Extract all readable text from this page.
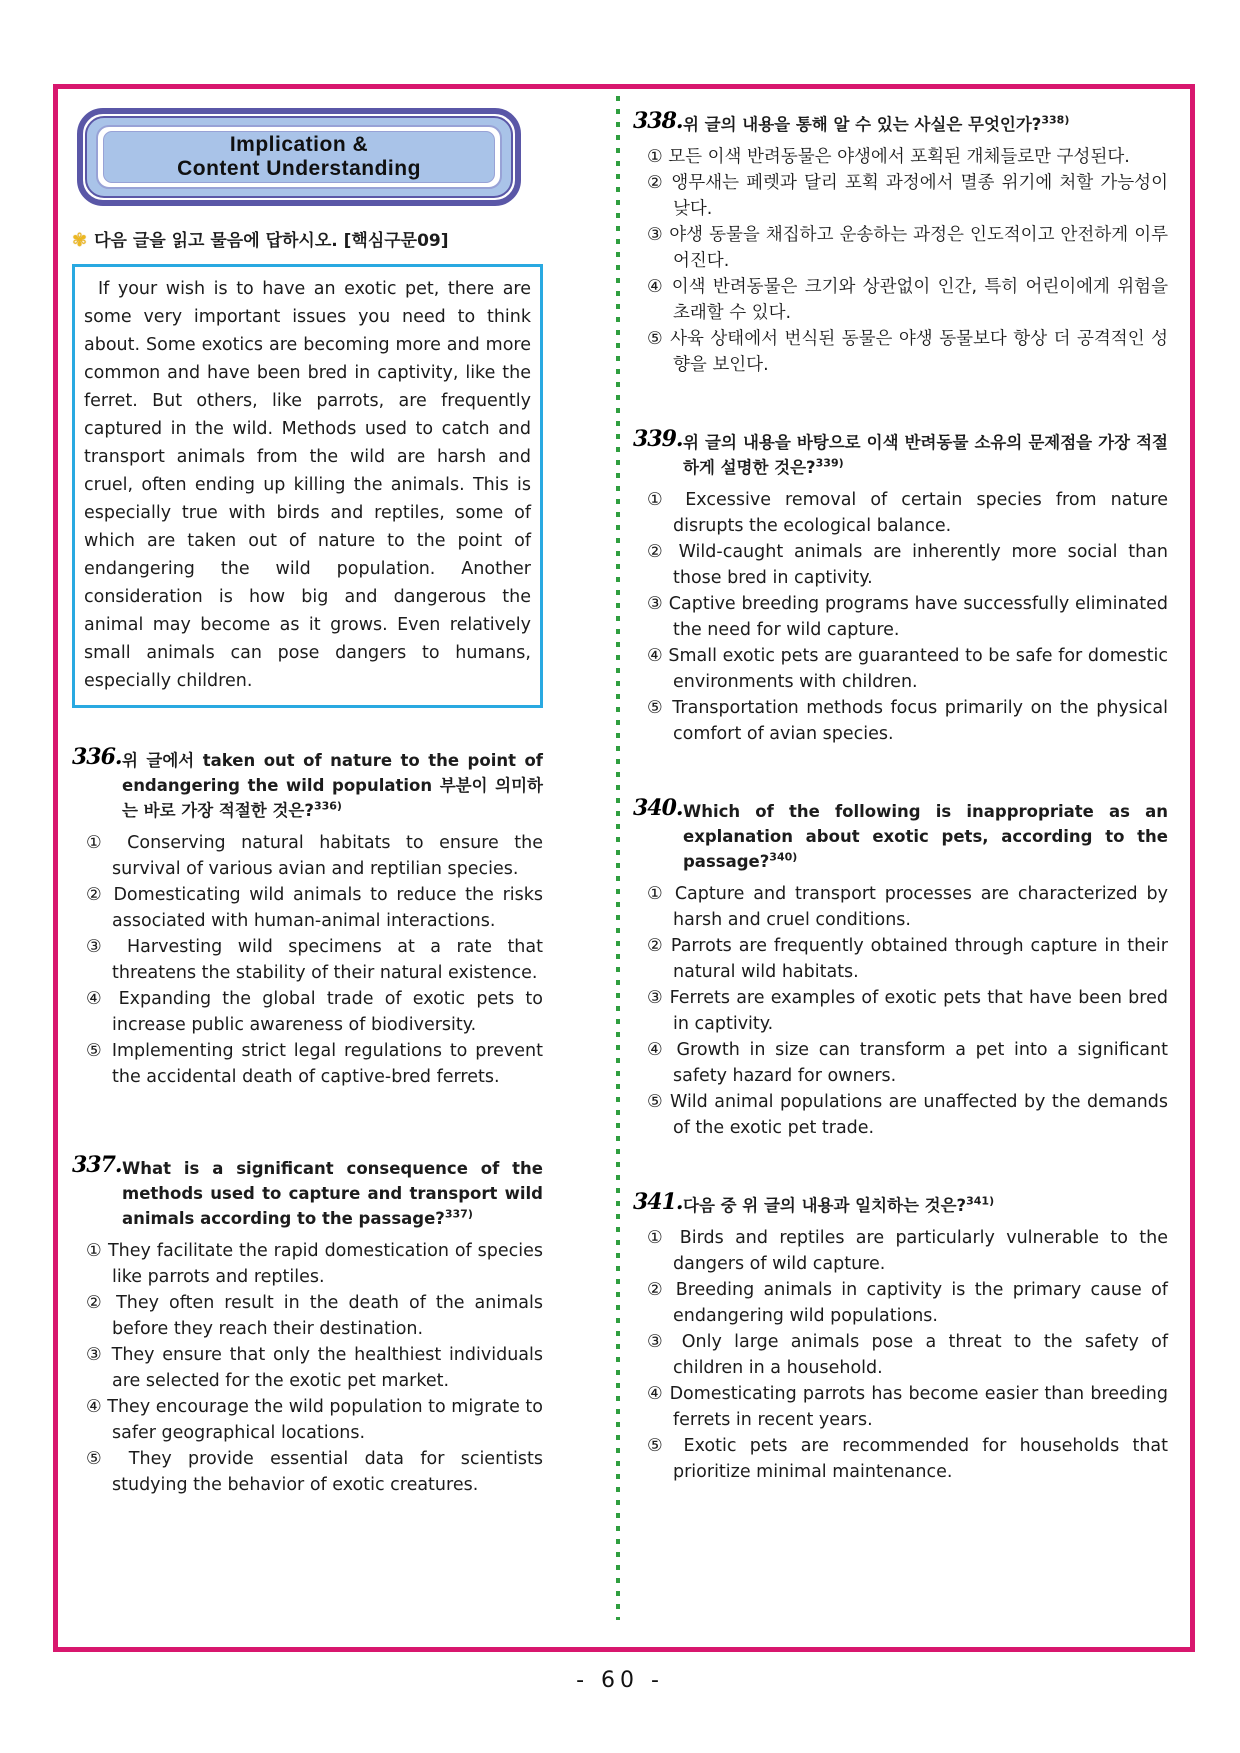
Implication &
Content Understanding
✾ 다음 글을 읽고 물음에 답하시오. [핵심구문09]

If your wish is to have an exotic pet, there are some very important issues you need to think about. Some exotics are becoming more and more common and have been bred in captivity, like the ferret. But others, like parrots, are frequently captured in the wild. Methods used to catch and transport animals from the wild are harsh and cruel, often ending up killing the animals. This is especially true with birds and reptiles, some of which are taken out of nature to the point of endangering the wild population. Another consideration is how big and dangerous the animal may become as it grows. Even relatively small animals can pose dangers to humans, especially children.

336. 위 글에서 taken out of nature to the point of endangering the wild population 부분이 의미하는 바로 가장 적절한 것은?$^{336)}$
① Conserving natural habitats to ensure the survival of various avian and reptilian species.
② Domesticating wild animals to reduce the risks associated with human-animal interactions.
③ Harvesting wild specimens at a rate that threatens the stability of their natural existence.
④ Expanding the global trade of exotic pets to increase public awareness of biodiversity.
⑤ Implementing strict legal regulations to prevent the accidental death of captive-bred ferrets.
337. What is a significant consequence of the methods used to capture and transport wild animals according to the passage?$^{337)}$
① They facilitate the rapid domestication of species like parrots and reptiles.
② They often result in the death of the animals before they reach their destination.
③ They ensure that only the healthiest individuals are selected for the exotic pet market.
④ They encourage the wild population to migrate to safer geographical locations.
⑤ They provide essential data for scientists studying the behavior of exotic creatures.
338. 위 글의 내용을 통해 알 수 있는 사실은 무엇인가?$^{338)}$
① 모든 이색 반려동물은 야생에서 포획된 개체들로만 구성된다.
② 앵무새는 페렛과 달리 포획 과정에서 멸종 위기에 처할 가능성이 낮다.
③ 야생 동물을 채집하고 운송하는 과정은 인도적이고 안전하게 이루어진다.
④ 이색 반려동물은 크기와 상관없이 인간, 특히 어린이에게 위험을 초래할 수 있다.
⑤ 사육 상태에서 번식된 동물은 야생 동물보다 항상 더 공격적인 성향을 보인다.
339. 위 글의 내용을 바탕으로 이색 반려동물 소유의 문제점을 가장 적절하게 설명한 것은?$^{339)}$
① Excessive removal of certain species from nature disrupts the ecological balance.
② Wild-caught animals are inherently more social than those bred in captivity.
③ Captive breeding programs have successfully eliminated the need for wild capture.
④ Small exotic pets are guaranteed to be safe for domestic environments with children.
⑤ Transportation methods focus primarily on the physical comfort of avian species.
340. Which of the following is inappropriate as an explanation about exotic pets, according to the passage?$^{340)}$
① Capture and transport processes are characterized by harsh and cruel conditions.
② Parrots are frequently obtained through capture in their natural wild habitats.
③ Ferrets are examples of exotic pets that have been bred in captivity.
④ Growth in size can transform a pet into a significant safety hazard for owners.
⑤ Wild animal populations are unaffected by the demands of the exotic pet trade.
341. 다음 중 위 글의 내용과 일치하는 것은?$^{341)}$
① Birds and reptiles are particularly vulnerable to the dangers of wild capture.
② Breeding animals in captivity is the primary cause of endangering wild populations.
③ Only large animals pose a threat to the safety of children in a household.
④ Domesticating parrots has become easier than breeding ferrets in recent years.
⑤ Exotic pets are recommended for households that prioritize minimal maintenance.
- 60 -
